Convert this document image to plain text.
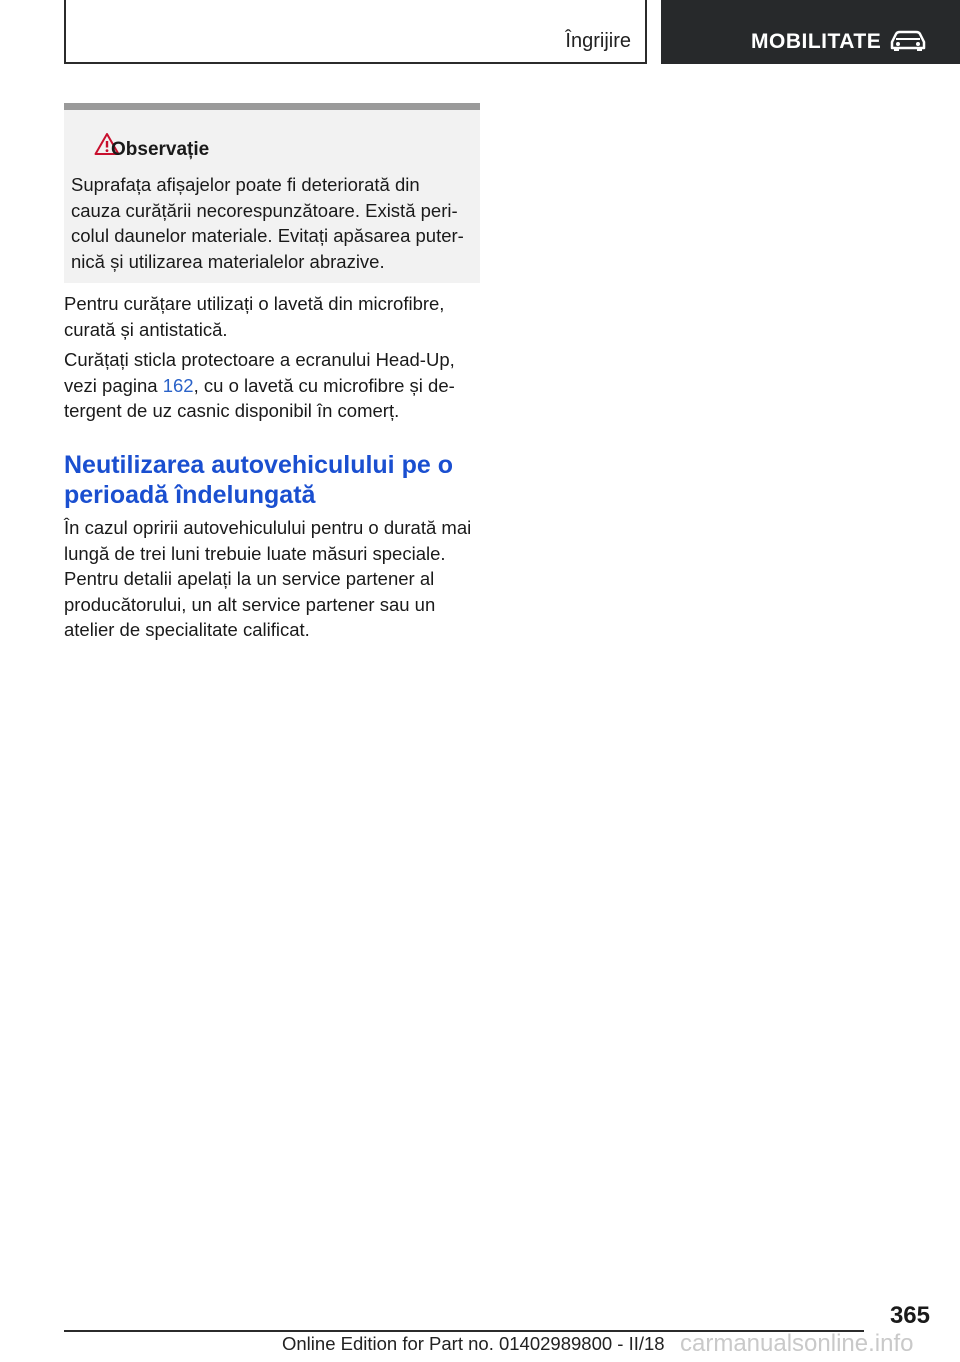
Îngrijire	MOBILITATE
Observație
Suprafața afișajelor poate fi deteriorată din
cauza curățării necorespunzătoare. Există peri-
colul daunelor materiale. Evitați apăsarea puter-
nică și utilizarea materialelor abrazive.
Pentru curățare utilizați o lavetă din microfibre,
curată și antistatică.
Curățați sticla protectoare a ecranului Head-Up,
vezi pagina 162, cu o lavetă cu microfibre și de-
tergent de uz casnic disponibil în comerț.
Neutilizarea autovehiculului pe o
perioadă îndelungată
În cazul opririi autovehiculului pentru o durată mai
lungă de trei luni trebuie luate măsuri speciale.
Pentru detalii apelați la un service partener al
producătorului, un alt service partener sau un
atelier de specialitate calificat.
365
Online Edition for Part no. 01402989800 - II/18 carmanualsonline.info
